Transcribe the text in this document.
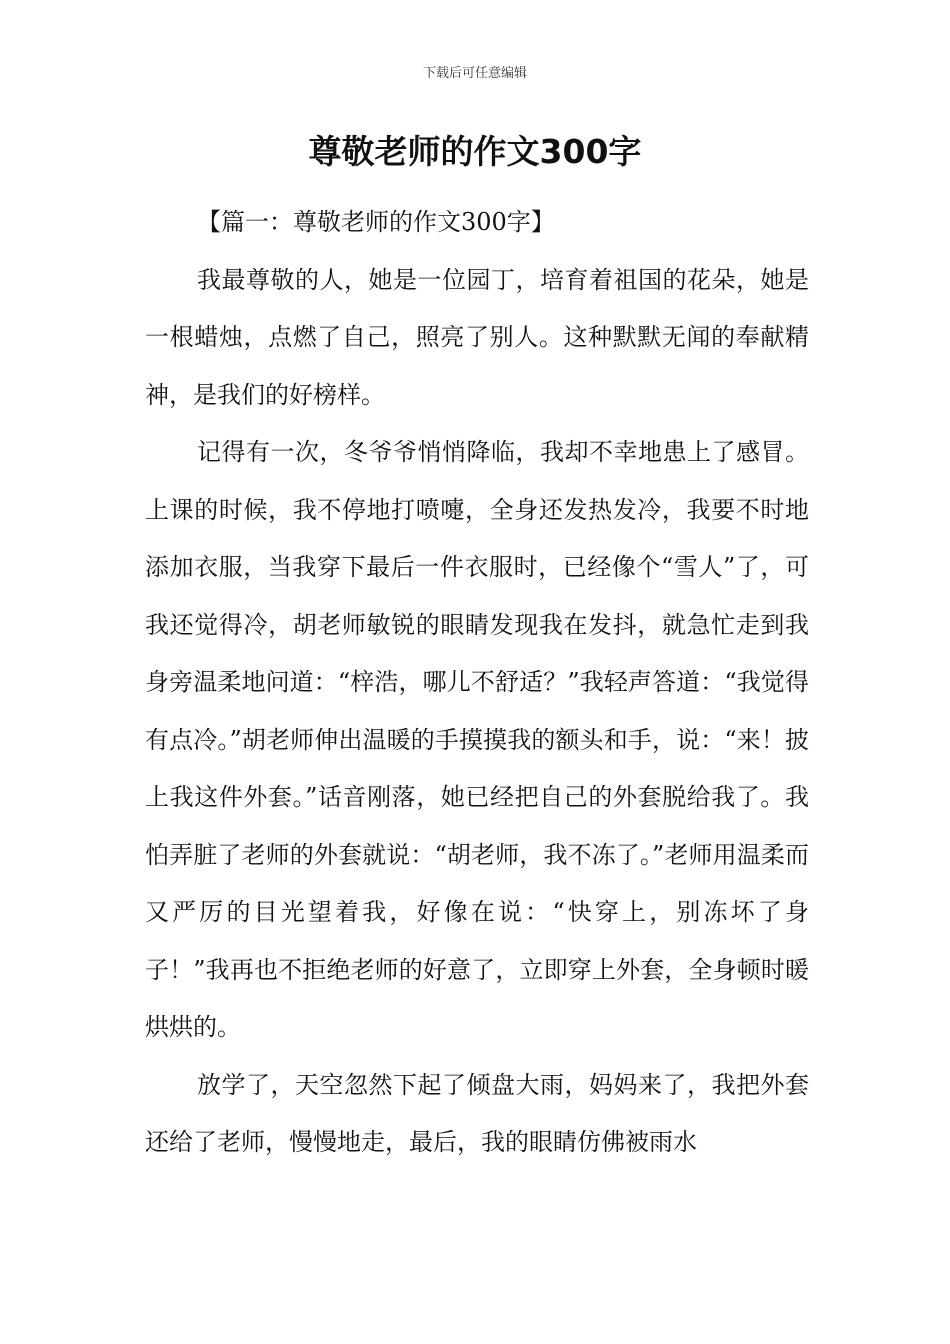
下载后可任意编辑
尊敬老师的作文300字

【篇一：尊敬老师的作文300字】

我最尊敬的人，她是一位园丁，培育着祖国的花朵，她是一根蜡烛，点燃了自己，照亮了别人。这种默默无闻的奉献精神，是我们的好榜样。

记得有一次，冬爷爷悄悄降临，我却不幸地患上了感冒。上课的时候，我不停地打喷嚏，全身还发热发冷，我要不时地添加衣服，当我穿下最后一件衣服时，已经像个“雪人”了，可我还觉得冷，胡老师敏锐的眼睛发现我在发抖，就急忙走到我身旁温柔地问道：“梓浩，哪儿不舒适？”我轻声答道：“我觉得有点冷。”胡老师伸出温暖的手摸摸我的额头和手，说：“来！披上我这件外套。”话音刚落，她已经把自己的外套脱给我了。我怕弄脏了老师的外套就说：“胡老师，我不冻了。”老师用温柔而又严厉的目光望着我，好像在说：“快穿上，别冻坏了身子！”我再也不拒绝老师的好意了，立即穿上外套，全身顿时暖烘烘的。

放学了，天空忽然下起了倾盘大雨，妈妈来了，我把外套还给了老师，慢慢地走，最后，我的眼睛仿佛被雨水
